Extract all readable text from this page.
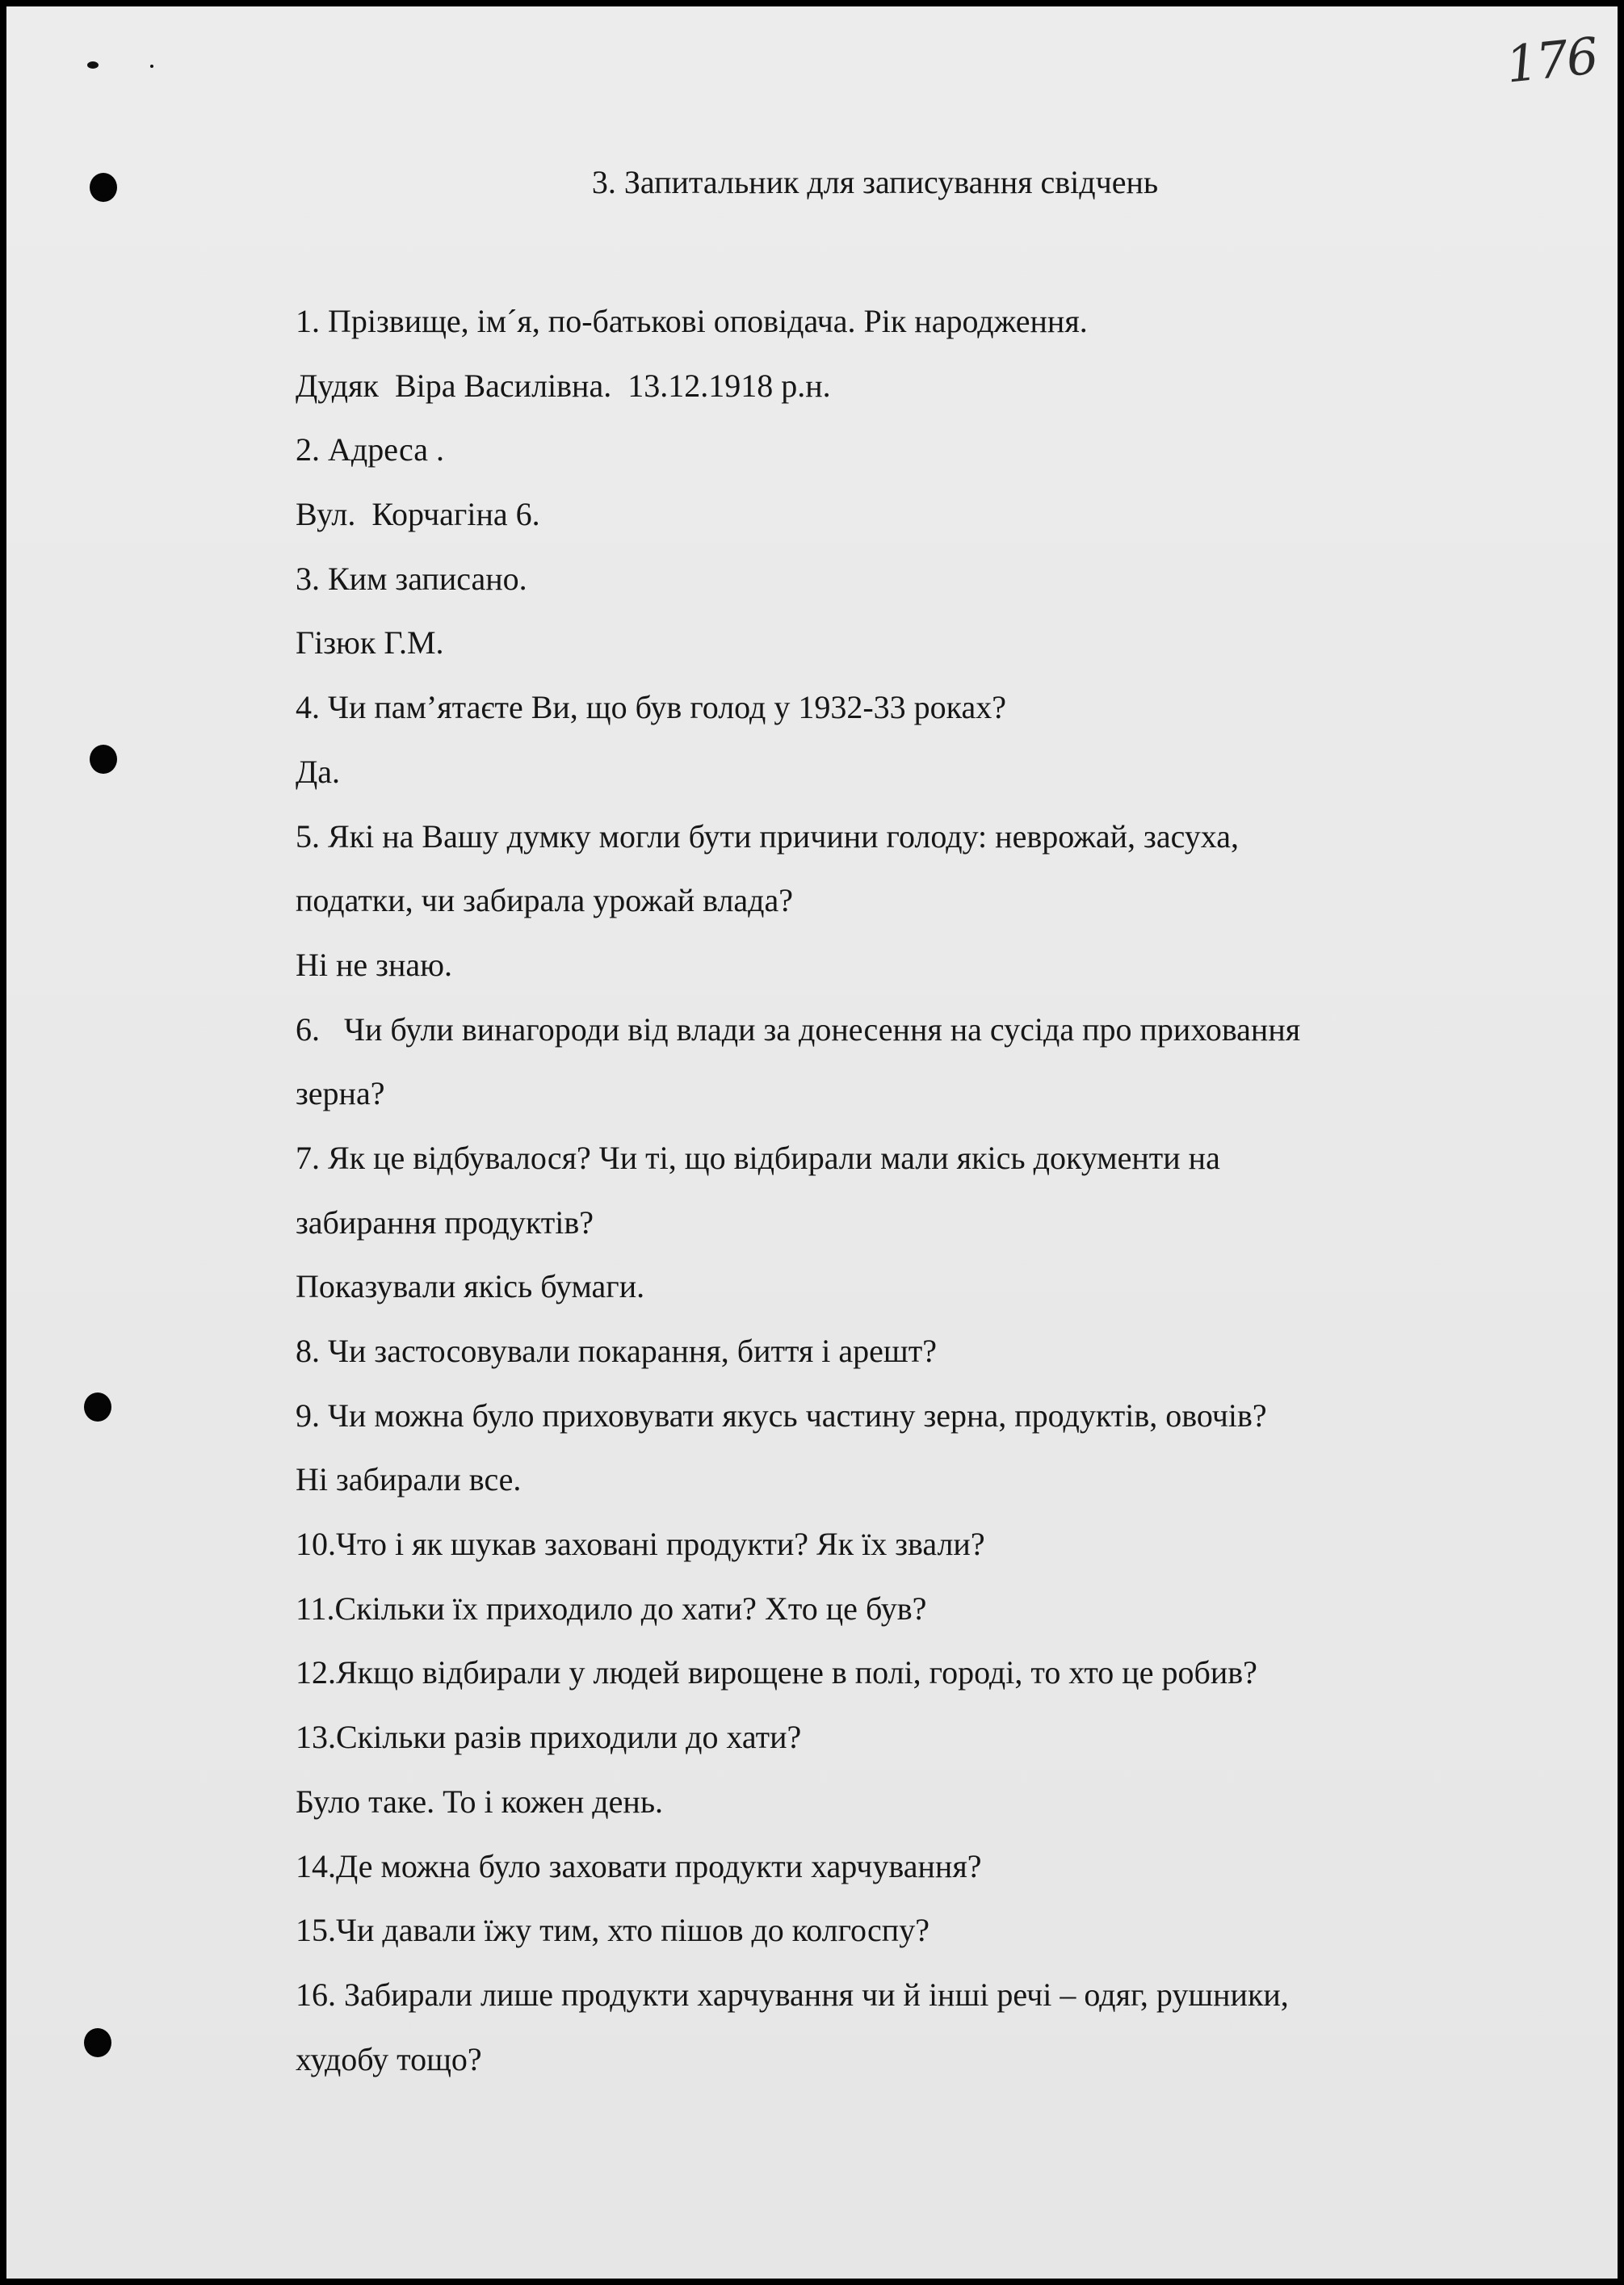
176
3. Запитальник для записування свідчень
1. Прізвище, ім´я, по-батькові оповідача. Рік народження.
Дудяк  Віра Василівна.  13.12.1918 р.н.
2. Адреса .
Вул.  Корчагіна 6.
3. Ким записано.
Гізюк Г.М.
4. Чи пам’ятаєте Ви, що був голод у 1932-33 роках?
Да.
5. Які на Вашу думку могли бути причини голоду: неврожай, засуха,
податки, чи забирала урожай влада?
Ні не знаю.
6.   Чи були винагороди від влади за донесення на сусіда про приховання
зерна?
7. Як це відбувалося? Чи ті, що відбирали мали якісь документи на
забирання продуктів?
Показували якісь бумаги.
8. Чи застосовували покарання, биття і арешт?
9. Чи можна було приховувати якусь частину зерна, продуктів, овочів?
Ні забирали все.
10.Что і як шукав заховані продукти? Як їх звали?
11.Скільки їх приходило до хати? Хто це був?
12.Якщо відбирали у людей вирощене в полі, городі, то хто це робив?
13.Скільки разів приходили до хати?
Було таке. То і кожен день.
14.Де можна було заховати продукти харчування?
15.Чи давали їжу тим, хто пішов до колгоспу?
16. Забирали лише продукти харчування чи й інші речі – одяг, рушники,
худобу тощо?
